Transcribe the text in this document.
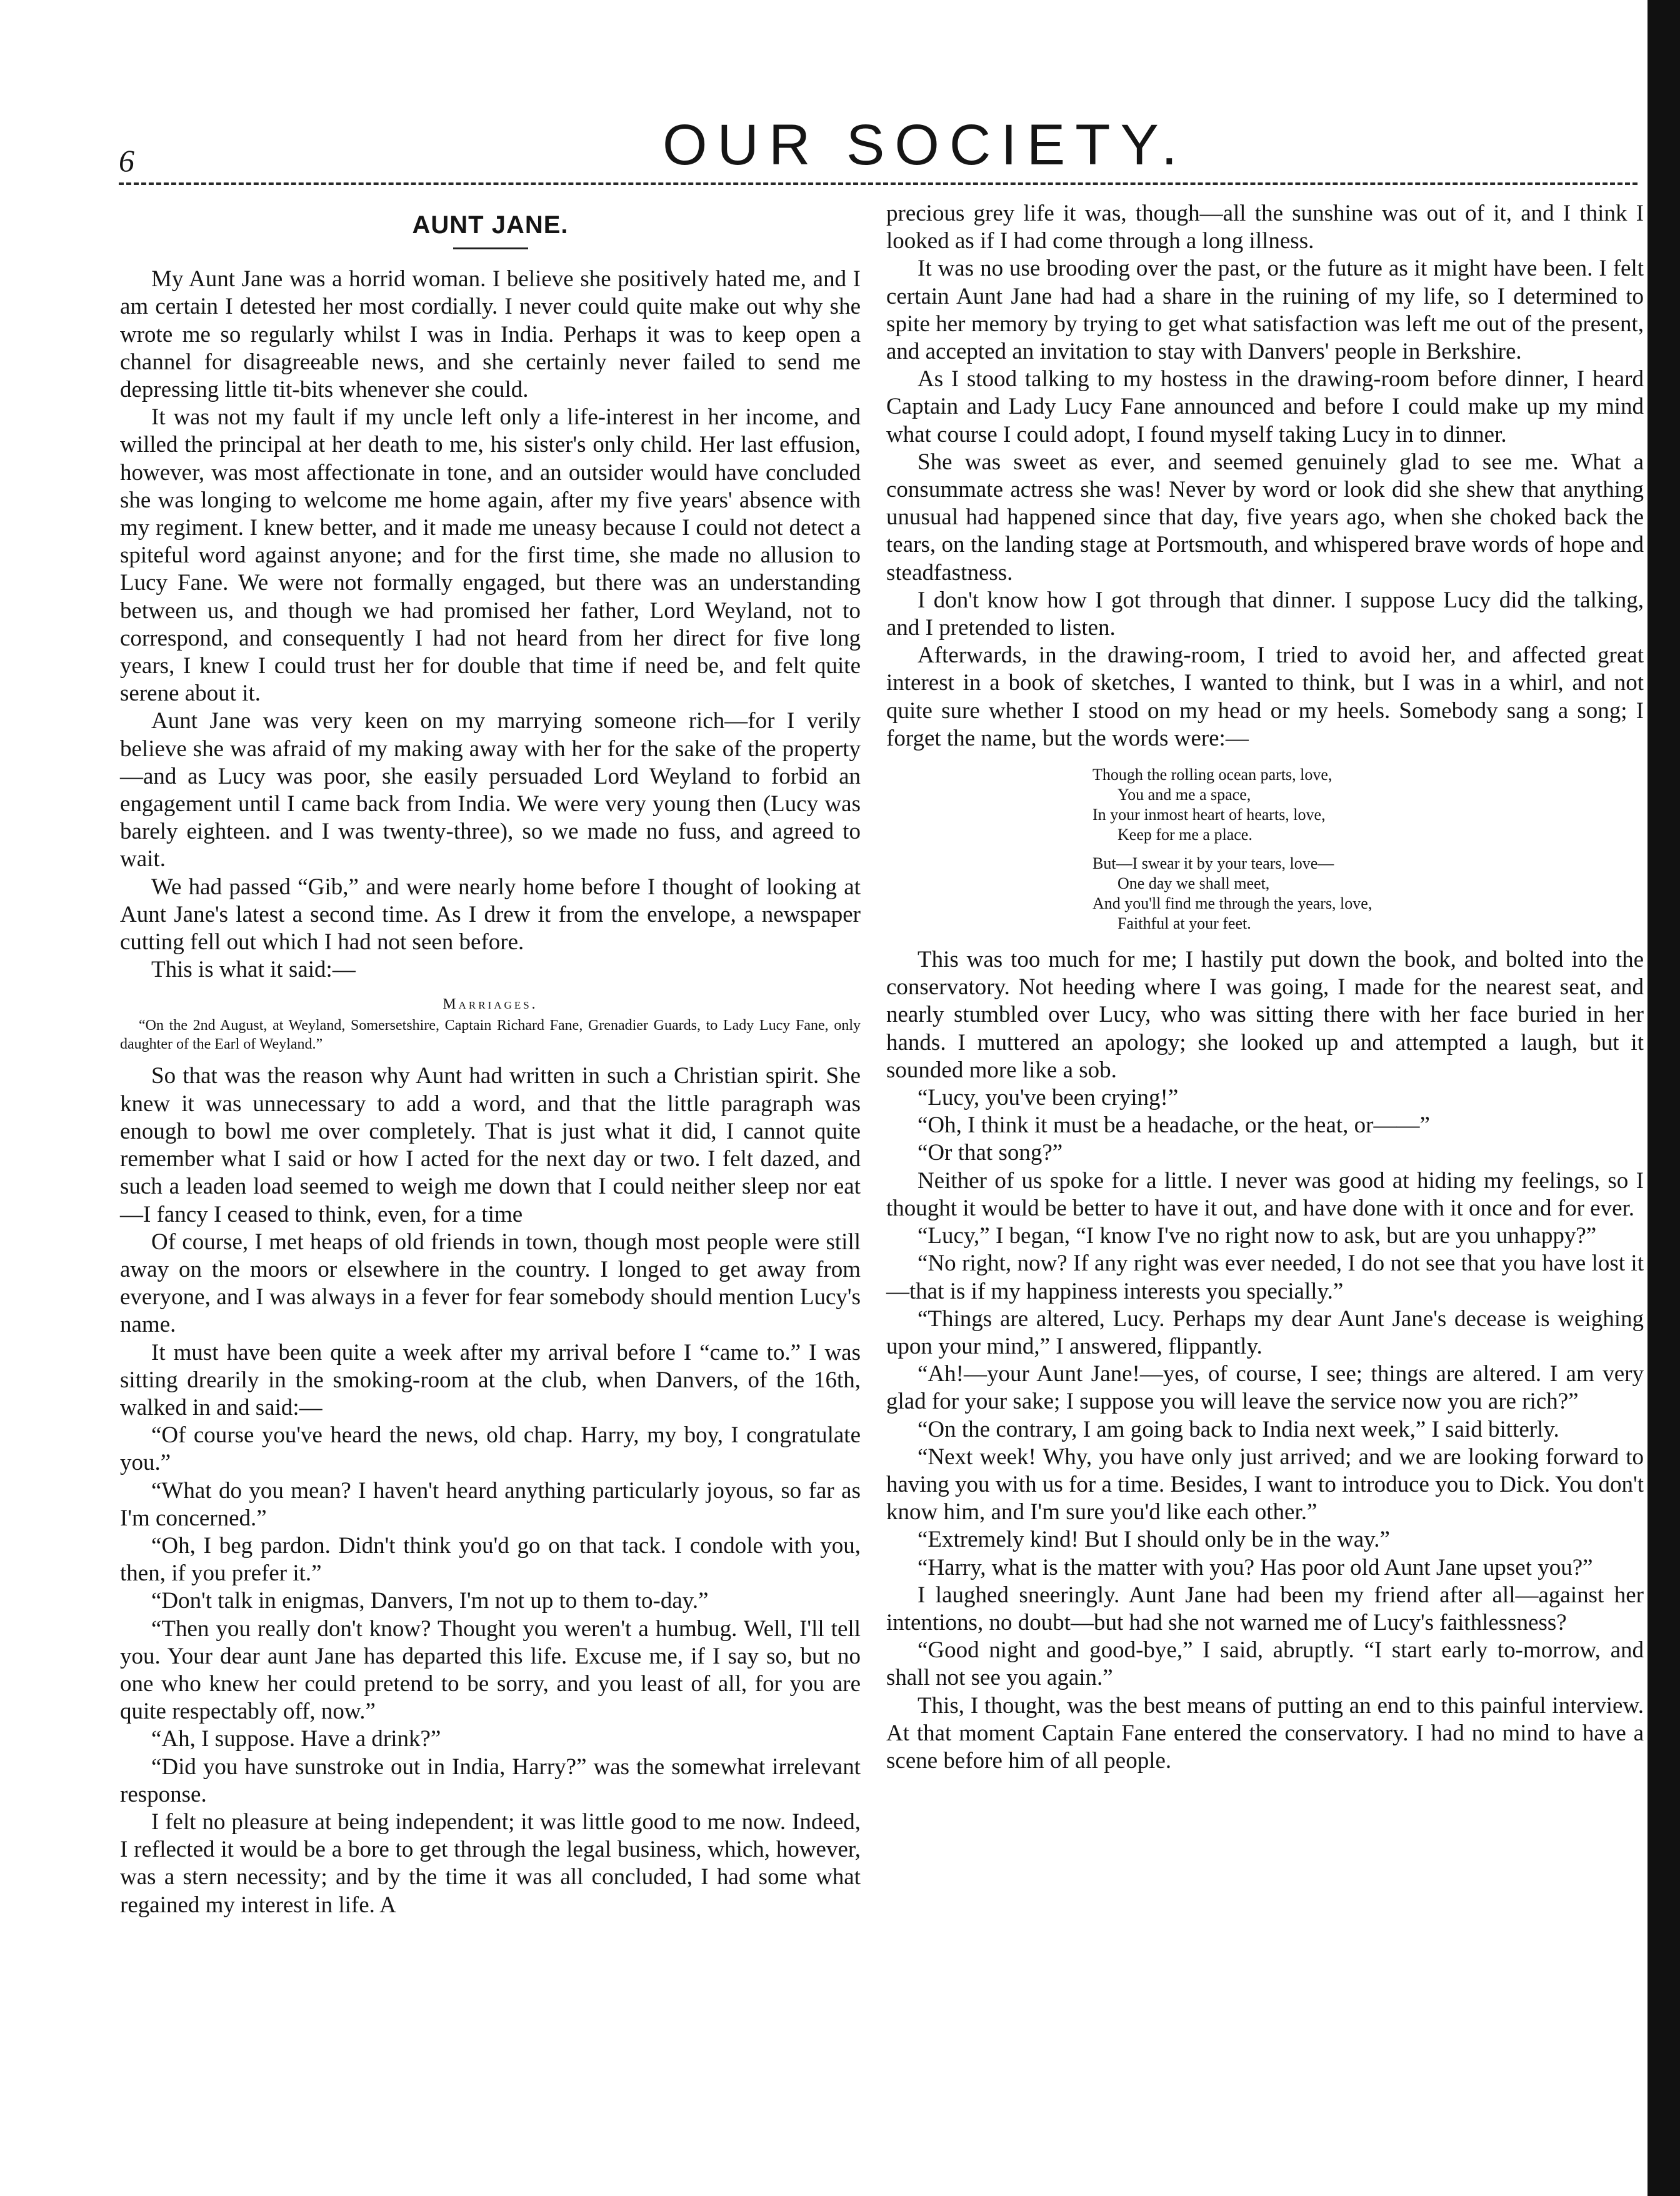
6	OUR SOCIETY.
AUNT JANE.

My Aunt Jane was a horrid woman. I believe she positively hated me, and I am certain I detested her most cordially. I never could quite make out why she wrote me so regularly whilst I was in India. Perhaps it was to keep open a channel for disagreeable news, and she certainly never failed to send me depressing little tit-bits whenever she could.

It was not my fault if my uncle left only a life-interest in her income, and willed the principal at her death to me, his sister's only child. Her last effusion, however, was most affectionate in tone, and an outsider would have concluded she was longing to welcome me home again, after my five years' absence with my regiment. I knew better, and it made me uneasy because I could not detect a spiteful word against anyone; and for the first time, she made no allusion to Lucy Fane. We were not formally engaged, but there was an understanding between us, and though we had promised her father, Lord Weyland, not to correspond, and consequently I had not heard from her direct for five long years, I knew I could trust her for double that time if need be, and felt quite serene about it.

Aunt Jane was very keen on my marrying someone rich—for I verily believe she was afraid of my making away with her for the sake of the property—and as Lucy was poor, she easily persuaded Lord Weyland to forbid an engagement until I came back from India. We were very young then (Lucy was barely eighteen. and I was twenty-three), so we made no fuss, and agreed to wait.

We had passed “Gib,” and were nearly home before I thought of looking at Aunt Jane's latest a second time. As I drew it from the envelope, a newspaper cutting fell out which I had not seen before.

This is what it said:—

Marriages.
“On the 2nd August, at Weyland, Somersetshire, Captain Richard Fane, Grenadier Guards, to Lady Lucy Fane, only daughter of the Earl of Weyland.”

So that was the reason why Aunt had written in such a Christian spirit. She knew it was unnecessary to add a word, and that the little paragraph was enough to bowl me over completely. That is just what it did, I cannot quite remember what I said or how I acted for the next day or two. I felt dazed, and such a leaden load seemed to weigh me down that I could neither sleep nor eat—I fancy I ceased to think, even, for a time

Of course, I met heaps of old friends in town, though most people were still away on the moors or elsewhere in the country. I longed to get away from everyone, and I was always in a fever for fear somebody should mention Lucy's name.

It must have been quite a week after my arrival before I “came to.” I was sitting drearily in the smoking-room at the club, when Danvers, of the 16th, walked in and said:—

“Of course you've heard the news, old chap. Harry, my boy, I congratulate you.”

“What do you mean? I haven't heard anything particularly joyous, so far as I'm concerned.”

“Oh, I beg pardon. Didn't think you'd go on that tack. I condole with you, then, if you prefer it.”

“Don't talk in enigmas, Danvers, I'm not up to them to-day.”

“Then you really don't know? Thought you weren't a humbug. Well, I'll tell you. Your dear aunt Jane has departed this life. Excuse me, if I say so, but no one who knew her could pretend to be sorry, and you least of all, for you are quite respectably off, now.”

“Ah, I suppose. Have a drink?”

“Did you have sunstroke out in India, Harry?” was the somewhat irrelevant response.

I felt no pleasure at being independent; it was little good to me now. Indeed, I reflected it would be a bore to get through the legal business, which, however, was a stern necessity; and by the time it was all concluded, I had some what regained my interest in life. A

precious grey life it was, though—all the sunshine was out of it, and I think I looked as if I had come through a long illness.

It was no use brooding over the past, or the future as it might have been. I felt certain Aunt Jane had had a share in the ruining of my life, so I determined to spite her memory by trying to get what satisfaction was left me out of the present, and accepted an invitation to stay with Danvers' people in Berkshire.

As I stood talking to my hostess in the drawing-room before dinner, I heard Captain and Lady Lucy Fane announced and before I could make up my mind what course I could adopt, I found myself taking Lucy in to dinner.

She was sweet as ever, and seemed genuinely glad to see me. What a consummate actress she was! Never by word or look did she shew that anything unusual had happened since that day, five years ago, when she choked back the tears, on the landing stage at Portsmouth, and whispered brave words of hope and steadfastness.

I don't know how I got through that dinner. I suppose Lucy did the talking, and I pretended to listen.

Afterwards, in the drawing-room, I tried to avoid her, and affected great interest in a book of sketches, I wanted to think, but I was in a whirl, and not quite sure whether I stood on my head or my heels. Somebody sang a song; I forget the name, but the words were:—

Though the rolling ocean parts, love,
You and me a space,
In your inmost heart of hearts, love,
Keep for me a place.
But—I swear it by your tears, love—
One day we shall meet,
And you'll find me through the years, love,
Faithful at your feet.

This was too much for me; I hastily put down the book, and bolted into the conservatory. Not heeding where I was going, I made for the nearest seat, and nearly stumbled over Lucy, who was sitting there with her face buried in her hands. I muttered an apology; she looked up and attempted a laugh, but it sounded more like a sob.

“Lucy, you've been crying!”

“Oh, I think it must be a headache, or the heat, or——”

“Or that song?”

Neither of us spoke for a little. I never was good at hiding my feelings, so I thought it would be better to have it out, and have done with it once and for ever.

“Lucy,” I began, “I know I've no right now to ask, but are you unhappy?”

“No right, now? If any right was ever needed, I do not see that you have lost it—that is if my happiness interests you specially.”

“Things are altered, Lucy. Perhaps my dear Aunt Jane's decease is weighing upon your mind,” I answered, flippantly.

“Ah!—your Aunt Jane!—yes, of course, I see; things are altered. I am very glad for your sake; I suppose you will leave the service now you are rich?”

“On the contrary, I am going back to India next week,” I said bitterly.

“Next week! Why, you have only just arrived; and we are looking forward to having you with us for a time. Besides, I want to introduce you to Dick. You don't know him, and I'm sure you'd like each other.”

“Extremely kind! But I should only be in the way.”

“Harry, what is the matter with you? Has poor old Aunt Jane upset you?”

I laughed sneeringly. Aunt Jane had been my friend after all—against her intentions, no doubt—but had she not warned me of Lucy's faithlessness?

“Good night and good-bye,” I said, abruptly. “I start early to-morrow, and shall not see you again.”

This, I thought, was the best means of putting an end to this painful interview. At that moment Captain Fane entered the conservatory. I had no mind to have a scene before him of all people.
